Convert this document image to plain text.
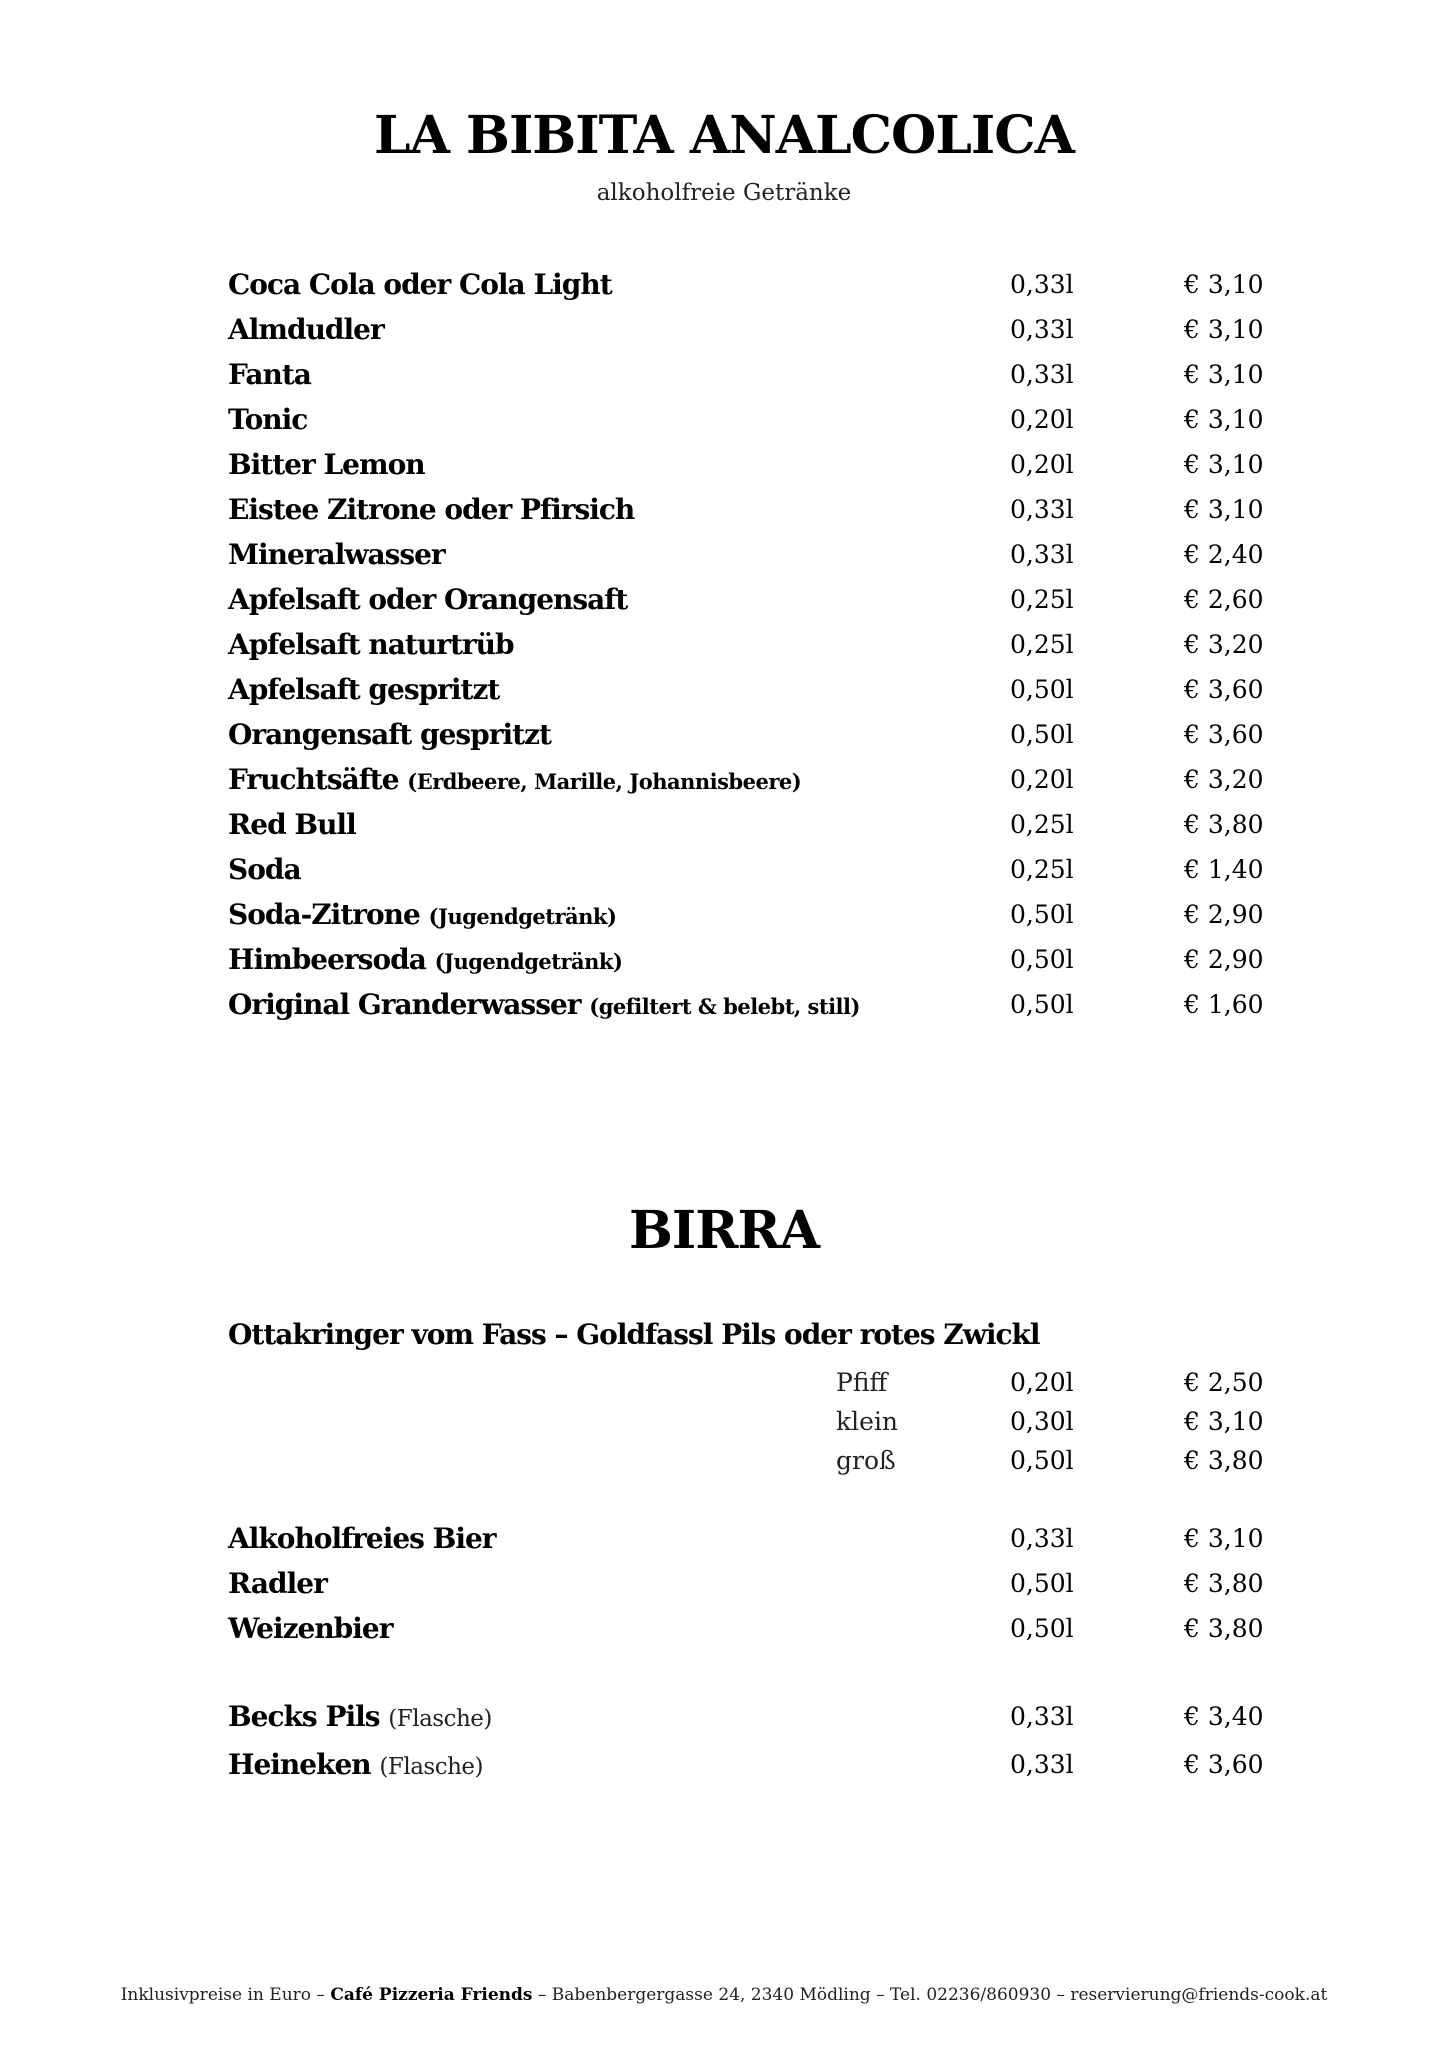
LA BIBITA ANALCOLICA
alkoholfreie Getränke
Coca Cola oder Cola Light	0,33l	€ 3,10
Almdudler	0,33l	€ 3,10
Fanta	0,33l	€ 3,10
Tonic	0,20l	€ 3,10
Bitter Lemon	0,20l	€ 3,10
Eistee Zitrone oder Pfirsich	0,33l	€ 3,10
Mineralwasser	0,33l	€ 2,40
Apfelsaft oder Orangensaft	0,25l	€ 2,60
Apfelsaft naturtrüb	0,25l	€ 3,20
Apfelsaft gespritzt	0,50l	€ 3,60
Orangensaft gespritzt	0,50l	€ 3,60
Fruchtsäfte (Erdbeere, Marille, Johannisbeere)	0,20l	€ 3,20
Red Bull	0,25l	€ 3,80
Soda	0,25l	€ 1,40
Soda-Zitrone (Jugendgetränk)	0,50l	€ 2,90
Himbeersoda (Jugendgetränk)	0,50l	€ 2,90
Original Granderwasser (gefiltert & belebt, still)	0,50l	€ 1,60
BIRRA
Ottakringer vom Fass – Goldfassl Pils oder rotes Zwickl
Pfiff	0,20l	€ 2,50
klein	0,30l	€ 3,10
groß	0,50l	€ 3,80
Alkoholfreies Bier	0,33l	€ 3,10
Radler	0,50l	€ 3,80
Weizenbier	0,50l	€ 3,80
Becks Pils (Flasche)	0,33l	€ 3,40
Heineken (Flasche)	0,33l	€ 3,60
Inklusivpreise in Euro – Café Pizzeria Friends – Babenbergergasse 24, 2340 Mödling – Tel. 02236/860930 – reservierung@friends-cook.at
